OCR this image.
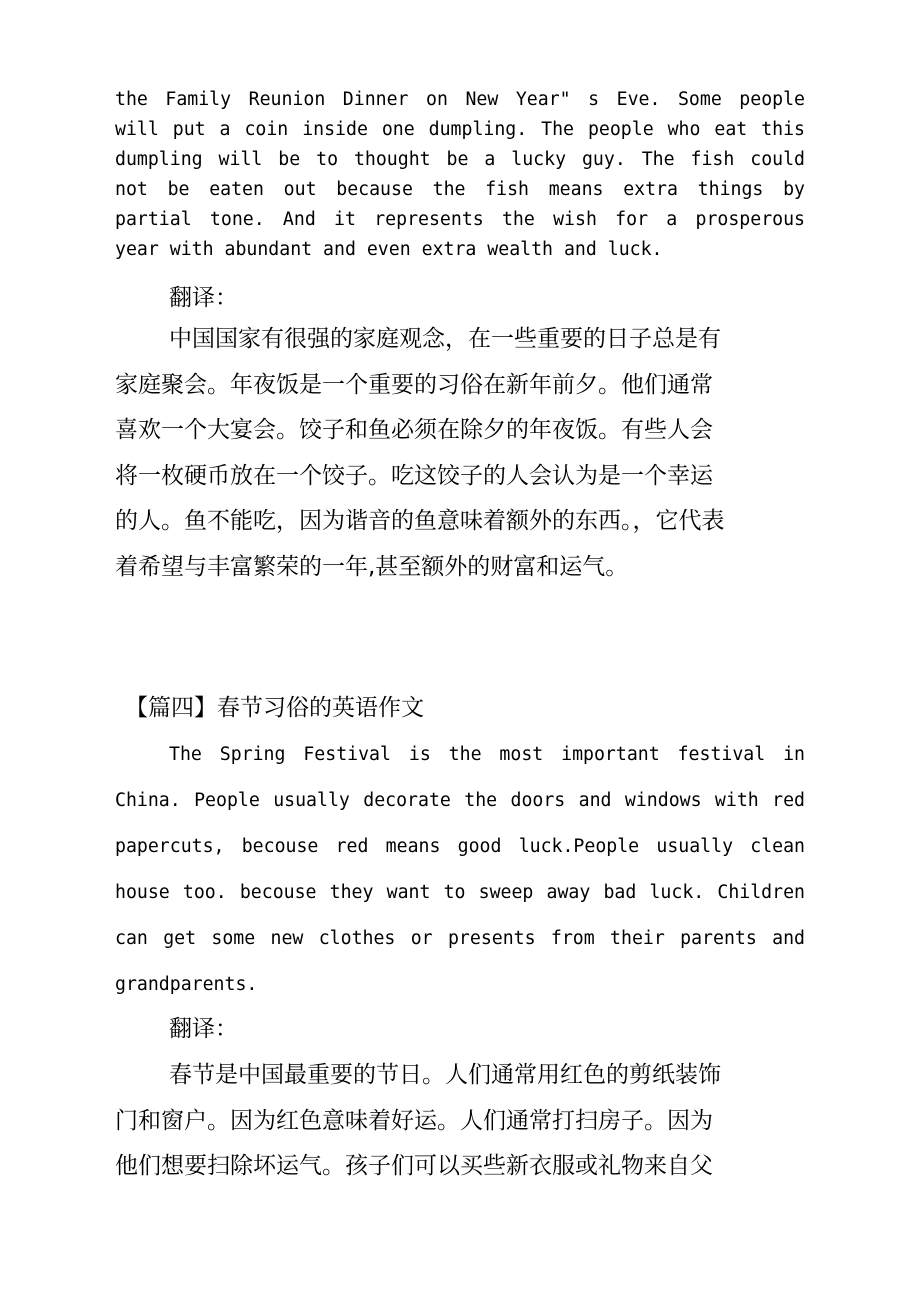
the Family Reunion Dinner on New Year" s Eve. Some people
will put a coin inside one dumpling. The people who eat this
dumpling will be to thought be a lucky guy. The fish could
not be eaten out because the fish means extra things by
partial tone. And it represents the wish for a prosperous
year with abundant and even extra wealth and luck.
翻译：
中国国家有很强的家庭观念，在一些重要的日子总是有
家庭聚会。年夜饭是一个重要的习俗在新年前夕。他们通常
喜欢一个大宴会。饺子和鱼必须在除夕的年夜饭。有些人会
将一枚硬币放在一个饺子。吃这饺子的人会认为是一个幸运
的人。鱼不能吃，因为谐音的鱼意味着额外的东西。，它代表
着希望与丰富繁荣的一年,甚至额外的财富和运气。
【篇四】春节习俗的英语作文
The Spring Festival is the most important festival in
China. People usually decorate the doors and windows with red
papercuts, becouse red means good luck.People usually clean
house too. becouse they want to sweep away bad luck. Children
can get some new clothes or presents from their parents and
grandparents.
翻译：
春节是中国最重要的节日。人们通常用红色的剪纸装饰
门和窗户。因为红色意味着好运。人们通常打扫房子。因为
他们想要扫除坏运气。孩子们可以买些新衣服或礼物来自父
